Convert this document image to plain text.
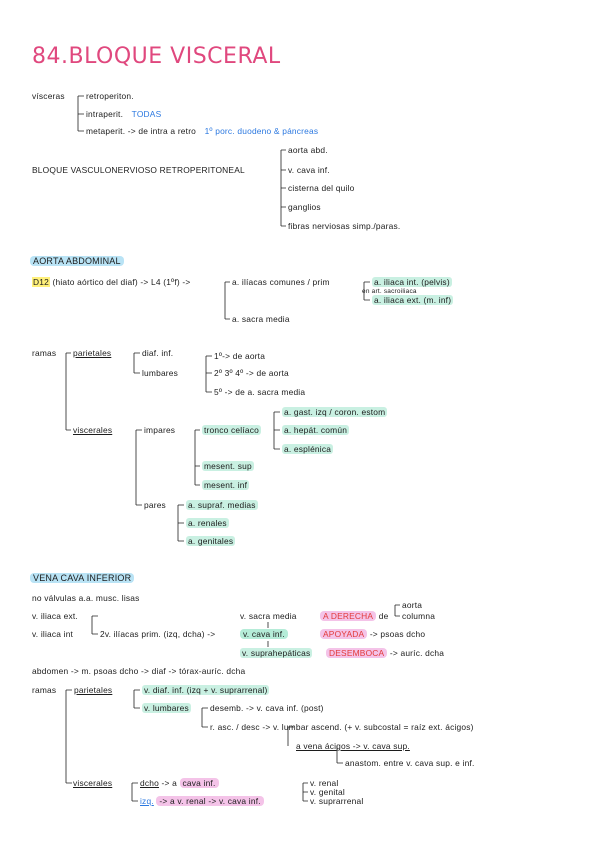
84.BLOQUE VISCERAL
vísceras	retroperiton.
intraperit. TODAS
metaperit. -> de intra a retro 1º porc. duodeno & páncreas
BLOQUE VASCULONERVIOSO RETROPERITONEAL
aorta abd.
v. cava inf.
cisterna del quilo
ganglios
fibras nerviosas simp./paras.
AORTA ABDOMINAL
D12 (hiato aórtico del diaf) -> L4 (1ºf) ->	a. ilíacas comunes / prim
en art. sacroiliaca
a. iliaca int. (pelvis)
a. iliaca ext. (m. inf)
a. sacra media
ramas parietales	diaf. inf.
lumbares
1º-> de aorta
2º 3º 4º -> de aorta
5º -> de a. sacra media
viscerales	impares	tronco celíaco
a. gast. izq / coron. estom
a. hepát. común
a. esplénica
mesent. sup
mesent. inf
pares	a. supraf. medias
a. renales
a. genitales
VENA CAVA INFERIOR
no válvulas a.a. musc. lisas
v. iliaca ext.
v. iliaca int	2v. ilíacas prim. (izq, dcha) ->
v. sacra media
v. cava inf.
v. suprahepáticas
A DERECHA de
aorta
columna
APOYADA -> psoas dcho
DESEMBOCA -> auríc. dcha
abdomen -> m. psoas dcho -> diaf -> tórax-auríc. dcha
ramas parietales	v. diaf. inf. (izq + v. suprarrenal)
v. lumbares	desemb. -> v. cava inf. (post)
r. asc. / desc -> v. lumbar ascend. (+ v. subcostal = raíz ext. ácigos)
a vena ácigos -> v. cava sup.
anastom. entre v. cava sup. e inf.
viscerales	dcho -> a cava inf.
izq. -> a v. renal -> v. cava inf.
v. renal
v. genital
v. suprarrenal
